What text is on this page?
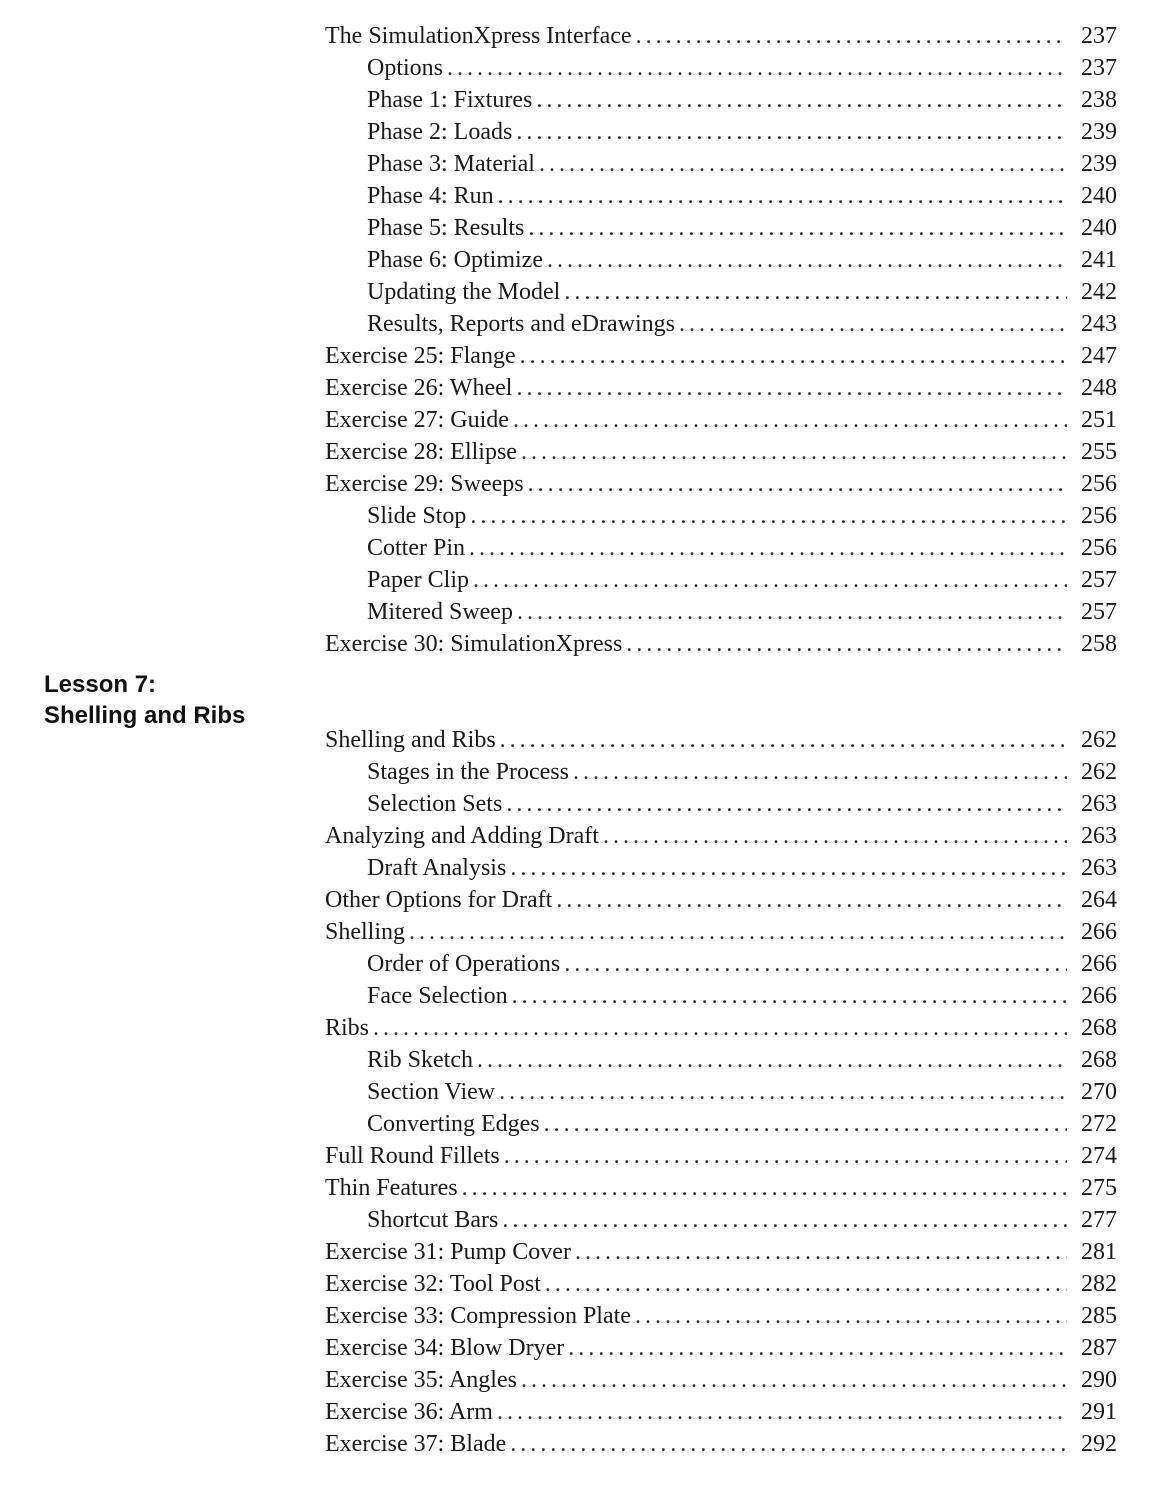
The SimulationXpress Interface . . .	237
Options . . .	237
Phase 1: Fixtures . . .	238
Phase 2: Loads . . .	239
Phase 3: Material . . .	239
Phase 4: Run . . .	240
Phase 5: Results . . .	240
Phase 6: Optimize . . .	241
Updating the Model . . .	242
Results, Reports and eDrawings . . .	243
Exercise 25: Flange . . .	247
Exercise 26: Wheel . . .	248
Exercise 27: Guide . . .	251
Exercise 28: Ellipse . . .	255
Exercise 29: Sweeps . . .	256
Slide Stop . . .	256
Cotter Pin . . .	256
Paper Clip . . .	257
Mitered Sweep . . .	257
Exercise 30: SimulationXpress . . .	258
Lesson 7:
Shelling and Ribs
Shelling and Ribs . . .	262
Stages in the Process . . .	262
Selection Sets . . .	263
Analyzing and Adding Draft . . .	263
Draft Analysis . . .	263
Other Options for Draft . . .	264
Shelling . . .	266
Order of Operations . . .	266
Face Selection . . .	266
Ribs . . .	268
Rib Sketch . . .	268
Section View . . .	270
Converting Edges . . .	272
Full Round Fillets . . .	274
Thin Features . . .	275
Shortcut Bars . . .	277
Exercise 31: Pump Cover . . .	281
Exercise 32: Tool Post . . .	282
Exercise 33: Compression Plate . . .	285
Exercise 34: Blow Dryer . . .	287
Exercise 35: Angles . . .	290
Exercise 36: Arm . . .	291
Exercise 37: Blade . . .	292
